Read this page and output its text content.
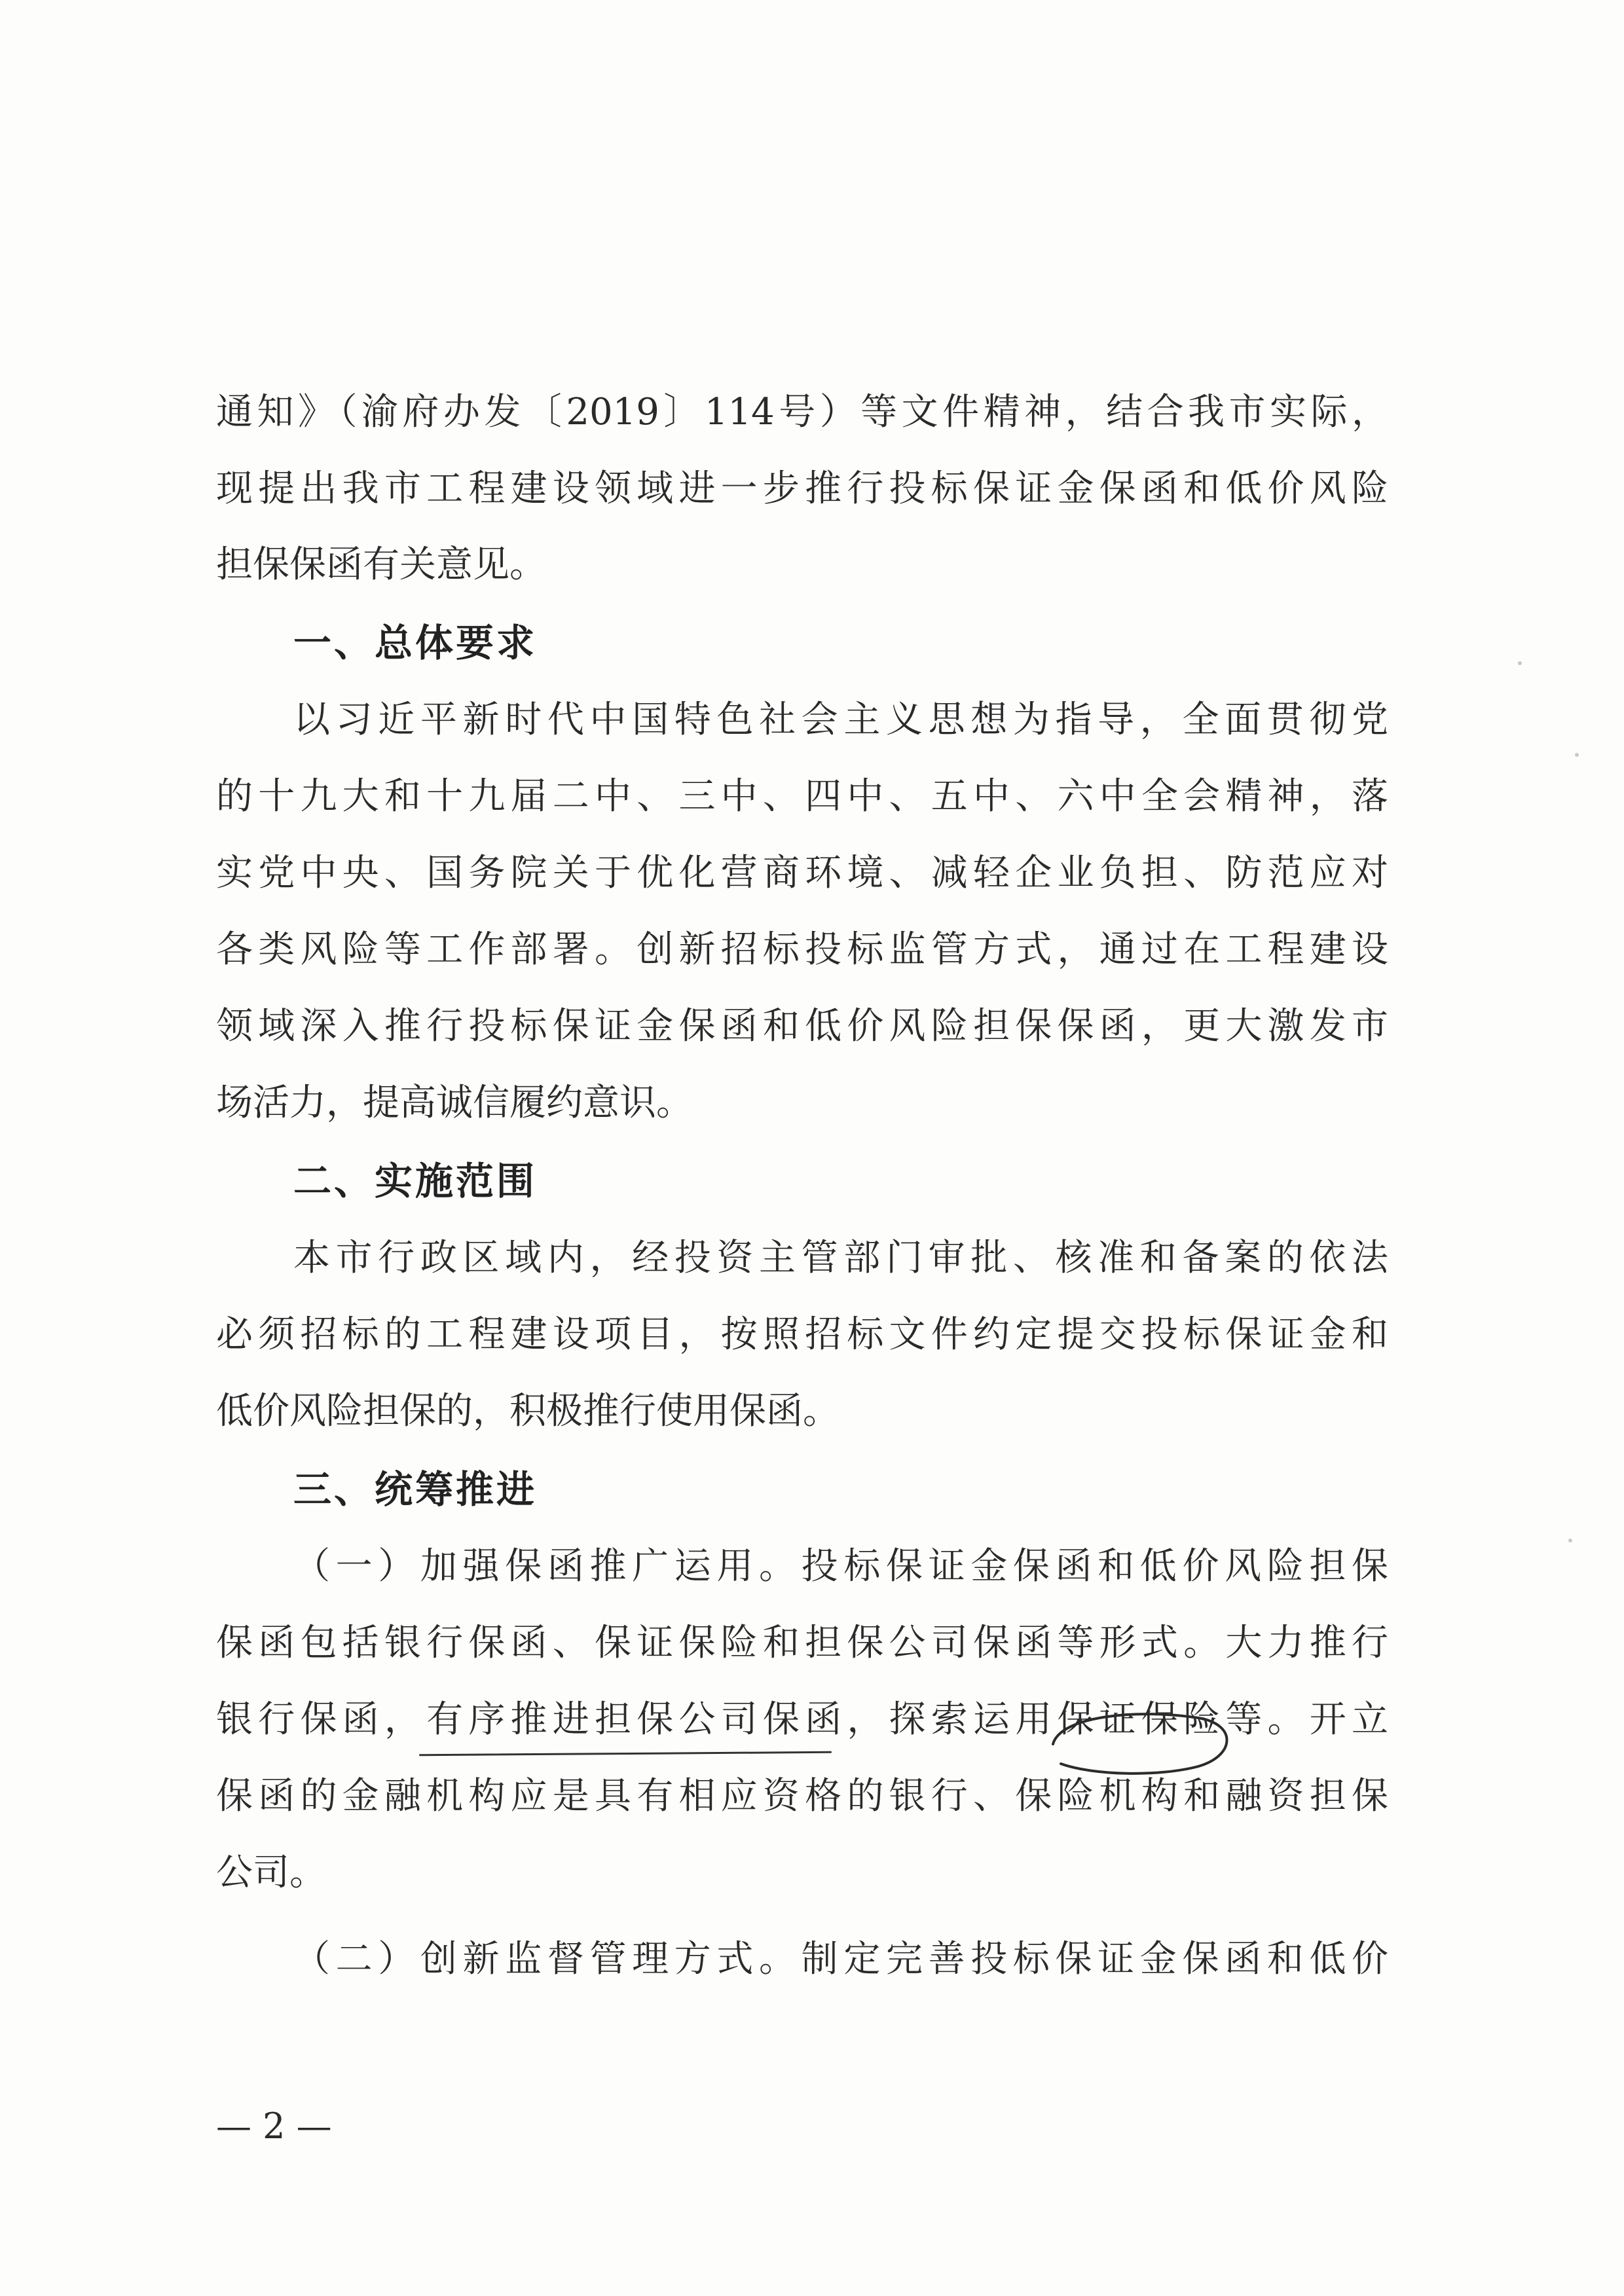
通知》（渝府办发〔2019〕114号）等文件精神，结合我市实际，
现提出我市工程建设领域进一步推行投标保证金保函和低价风险
担保保函有关意见。
一、总体要求
以习近平新时代中国特色社会主义思想为指导，全面贯彻党
的十九大和十九届二中、三中、四中、五中、六中全会精神，落
实党中央、国务院关于优化营商环境、减轻企业负担、防范应对
各类风险等工作部署。创新招标投标监管方式，通过在工程建设
领域深入推行投标保证金保函和低价风险担保保函，更大激发市
场活力，提高诚信履约意识。
二、实施范围
本市行政区域内，经投资主管部门审批、核准和备案的依法
必须招标的工程建设项目，按照招标文件约定提交投标保证金和
低价风险担保的，积极推行使用保函。
三、统筹推进
（一）加强保函推广运用。投标保证金保函和低价风险担保
保函包括银行保函、保证保险和担保公司保函等形式。大力推行
银行保函，有序推进担保公司保函，探索运用保证保险等。开立
保函的金融机构应是具有相应资格的银行、保险机构和融资担保
公司。
（二）创新监督管理方式。制定完善投标保证金保函和低价
— 2 —
